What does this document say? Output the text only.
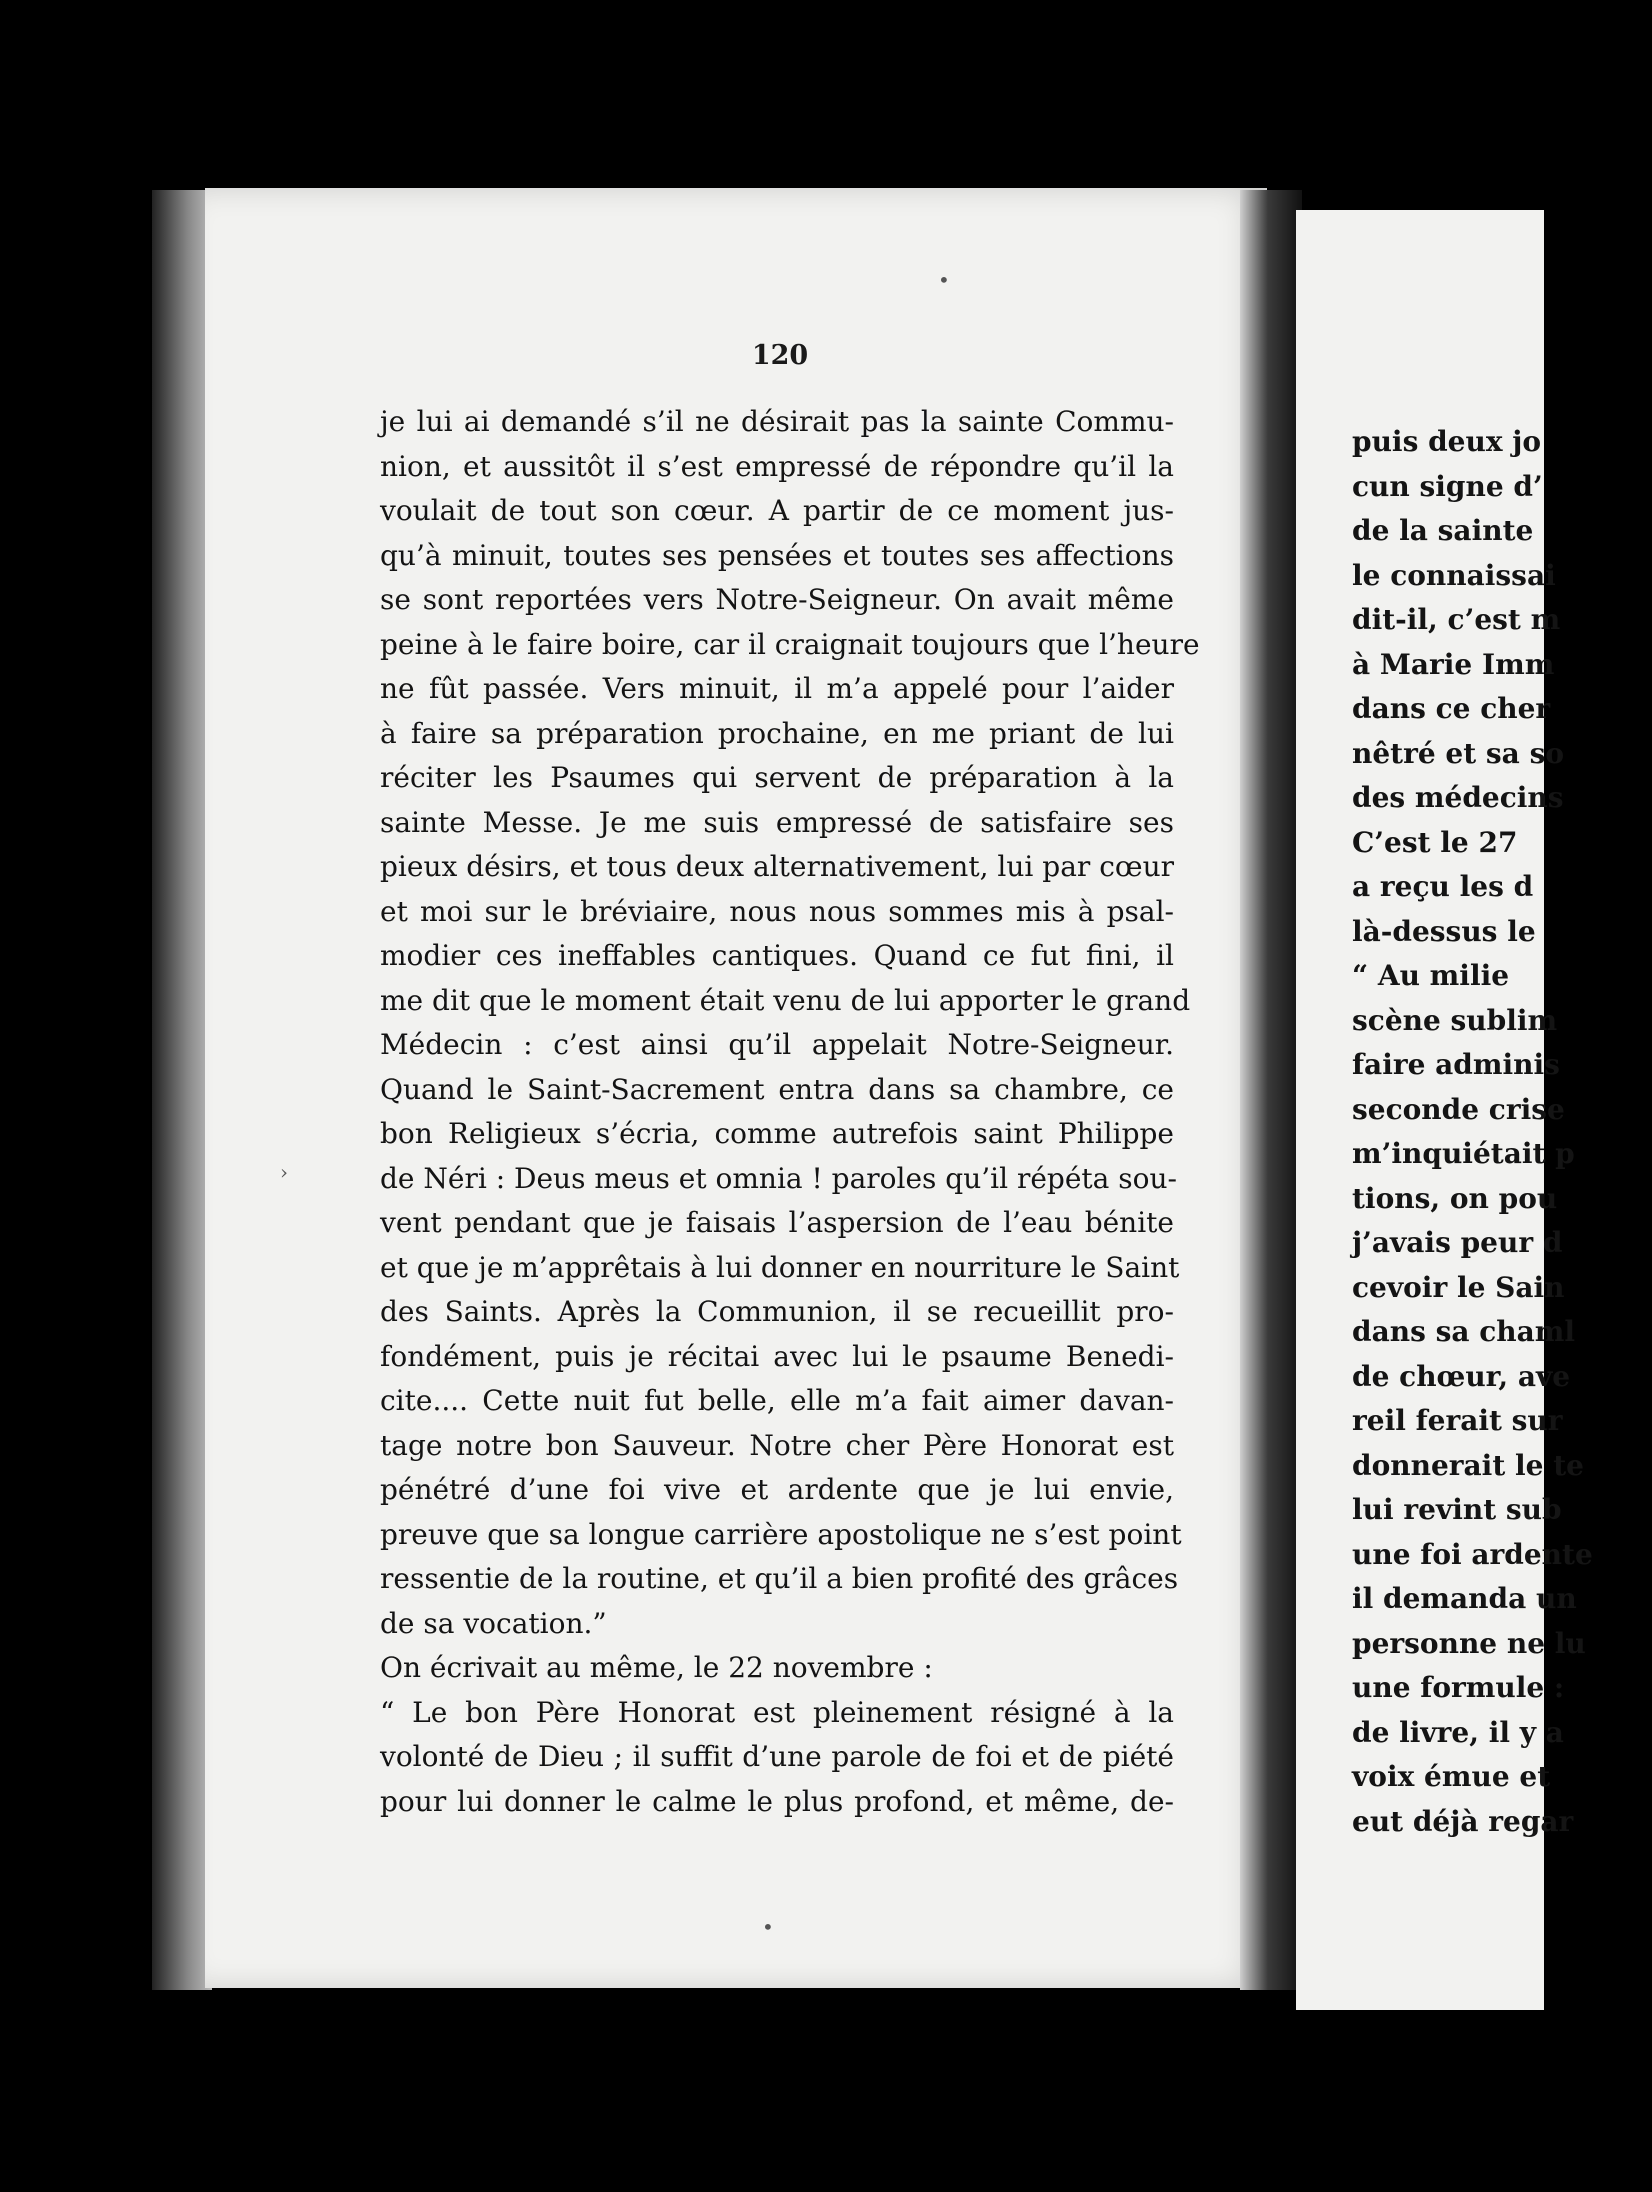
120
je lui ai demandé s’il ne désirait pas la sainte Commu-
nion, et aussitôt il s’est empressé de répondre qu’il la
voulait de tout son cœur. A partir de ce moment jus-
qu’à minuit, toutes ses pensées et toutes ses affections
se sont reportées vers Notre-Seigneur. On avait même
peine à le faire boire, car il craignait toujours que l’heure
ne fût passée. Vers minuit, il m’a appelé pour l’aider
à faire sa préparation prochaine, en me priant de lui
réciter les Psaumes qui servent de préparation à la
sainte Messe. Je me suis empressé de satisfaire ses
pieux désirs, et tous deux alternativement, lui par cœur
et moi sur le bréviaire, nous nous sommes mis à psal-
modier ces ineffables cantiques. Quand ce fut fini, il
me dit que le moment était venu de lui apporter le grand
Médecin : c’est ainsi qu’il appelait Notre-Seigneur.
Quand le Saint-Sacrement entra dans sa chambre, ce
bon Religieux s’écria, comme autrefois saint Philippe
de Néri : Deus meus et omnia ! paroles qu’il répéta sou-
vent pendant que je faisais l’aspersion de l’eau bénite
et que je m’apprêtais à lui donner en nourriture le Saint
des Saints. Après la Communion, il se recueillit pro-
fondément, puis je récitai avec lui le psaume Benedi-
cite.... Cette nuit fut belle, elle m’a fait aimer davan-
tage notre bon Sauveur. Notre cher Père Honorat est
pénétré d’une foi vive et ardente que je lui envie,
preuve que sa longue carrière apostolique ne s’est point
ressentie de la routine, et qu’il a bien profité des grâces
de sa vocation.”
On écrivait au même, le 22 novembre :
“ Le bon Père Honorat est pleinement résigné à la
volonté de Dieu ; il suffit d’une parole de foi et de piété
pour lui donner le calme le plus profond, et même, de-
puis deux jo
cun signe d’
de la sainte
le connaissai
dit-il, c’est m
à Marie Imm
dans ce cher
nêtré et sa so
des médecins
C’est le 27
a reçu les d
là-dessus le
“ Au milie
scène sublim
faire adminis
seconde crise
m’inquiétait p
tions, on pou
j’avais peur d
cevoir le Sain
dans sa chaml
de chœur, ave
reil ferait sur
donnerait le te
lui revint sub
une foi ardente
il demanda un
personne ne lu
une formule :
de livre, il y a
voix émue et
eut déjà regar
•
•
›
